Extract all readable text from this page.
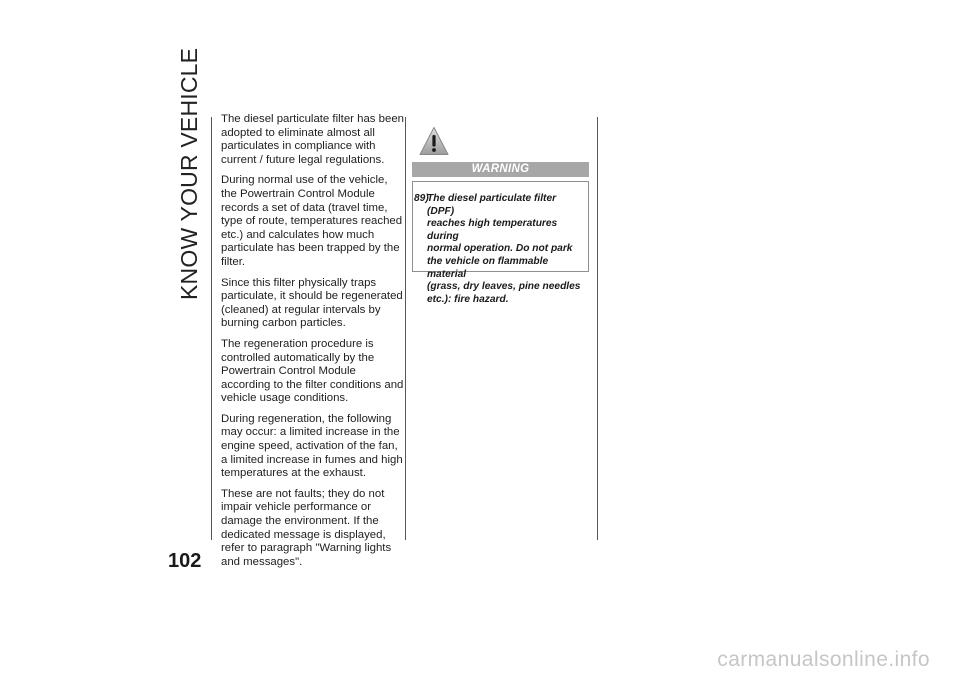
KNOW YOUR VEHICLE The diesel particulate filter has been adopted to eliminate almost all particulates in compliance with current / future legal regulations.

During normal use of the vehicle, the Powertrain Control Module records a set of data (travel time, type of route, temperatures reached etc.) and calculates how much particulate has been trapped by the filter.

Since this filter physically traps particulate, it should be regenerated (cleaned) at regular intervals by burning carbon particles.

The regeneration procedure is controlled automatically by the Powertrain Control Module according to the filter conditions and vehicle usage conditions.

During regeneration, the following may occur: a limited increase in the engine speed, activation of the fan, a limited increase in fumes and high temperatures at the exhaust.

These are not faults; they do not impair vehicle performance or damage the environment. If the dedicated message is displayed, refer to paragraph "Warning lights and messages".

WARNING
89)
The diesel particulate filter (DPF)
reaches high temperatures during
normal operation. Do not park
the vehicle on flammable material
(grass, dry leaves, pine needles
etc.): fire hazard.
102
carmanualsonline.info
